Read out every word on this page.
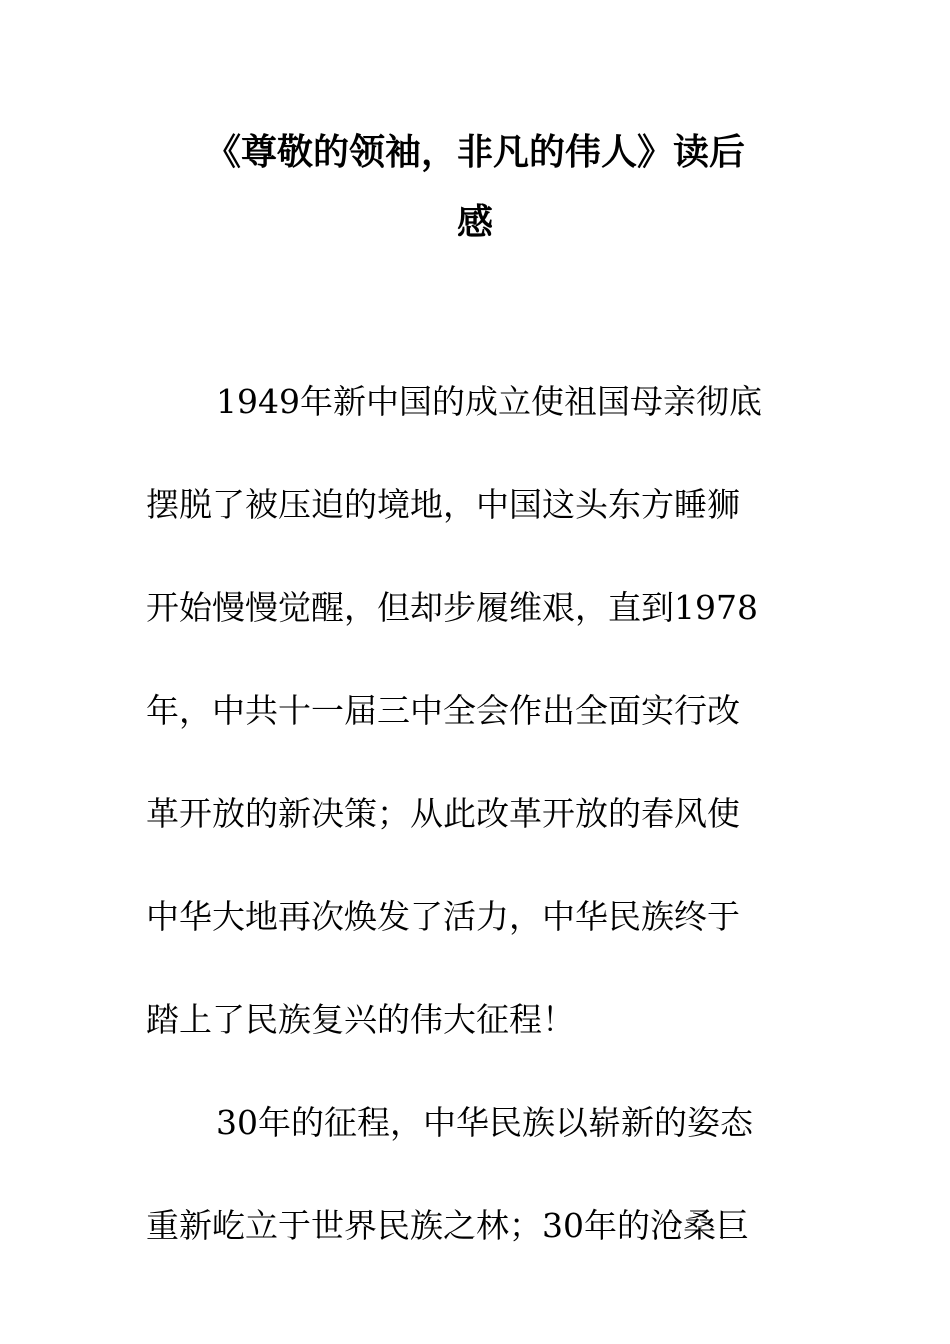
《尊敬的领袖，非凡的伟人》读后
感
1949年新中国的成立使祖国母亲彻底
摆脱了被压迫的境地，中国这头东方睡狮
开始慢慢觉醒，但却步履维艰，直到1978
年，中共十一届三中全会作出全面实行改
革开放的新决策；从此改革开放的春风使
中华大地再次焕发了活力，中华民族终于
踏上了民族复兴的伟大征程！
30年的征程，中华民族以崭新的姿态
重新屹立于世界民族之林；30年的沧桑巨
